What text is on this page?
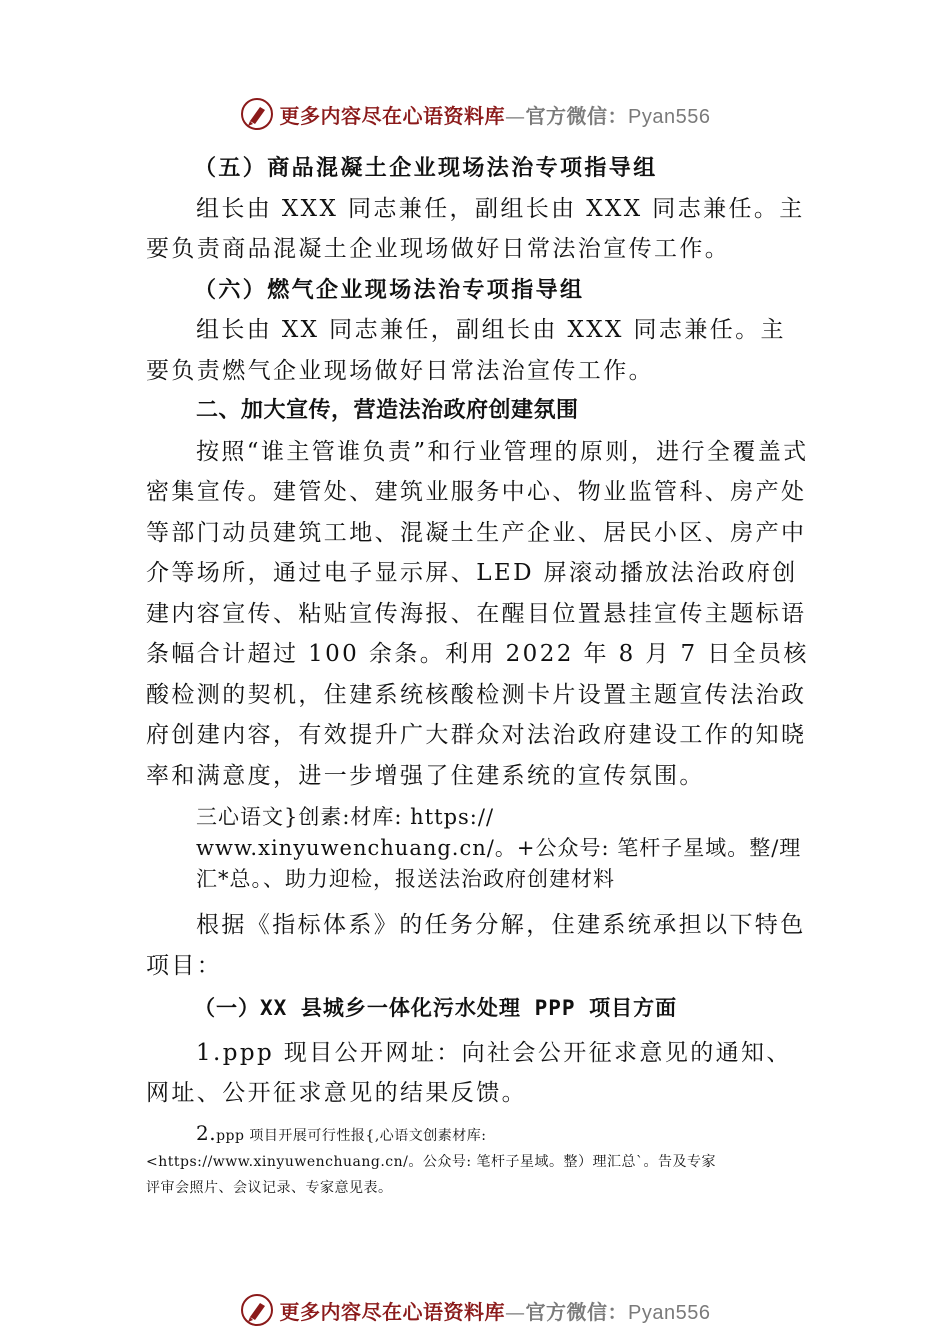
更多内容尽在心语资料库—官方微信：Pyan556

（五）商品混凝土企业现场法治专项指导组

组长由 XXX 同志兼任，副组长由 XXX 同志兼任。主要负责商品混凝土企业现场做好日常法治宣传工作。

（六）燃气企业现场法治专项指导组

组长由 XX 同志兼任，副组长由 XXX 同志兼任。主要负责燃气企业现场做好日常法治宣传工作。

二、加大宣传，营造法治政府创建氛围

按照“谁主管谁负责”和行业管理的原则，进行全覆盖式密集宣传。建管处、建筑业服务中心、物业监管科、房产处等部门动员建筑工地、混凝土生产企业、居民小区、房产中介等场所，通过电子显示屏、LED 屏滚动播放法治政府创建内容宣传、粘贴宣传海报、在醒目位置悬挂宣传主题标语条幅合计超过 100 余条。利用 2022 年 8 月 7 日全员核酸检测的契机，住建系统核酸检测卡片设置主题宣传法治政府创建内容，有效提升广大群众对法治政府建设工作的知晓率和满意度，进一步增强了住建系统的宣传氛围。

三心语文}创素:材库: https://
www.xinyuwenchuang.cn/。+公众号: 笔杆子星域。整/理
汇*总。、助力迎检，报送法治政府创建材料

根据《指标体系》的任务分解，住建系统承担以下特色项目：

（一）XX 县城乡一体化污水处理 PPP 项目方面

1.ppp 现目公开网址：向社会公开征求意见的通知、网址、公开征求意见的结果反馈。

2.ppp 项目开展可行性报{,心语文创素材库:
<https://www.xinyuwenchuang.cn/。公众号: 笔杆子星域。整）理汇总`。告及专家
评审会照片、会议记录、专家意见表。
更多内容尽在心语资料库—官方微信：Pyan556
